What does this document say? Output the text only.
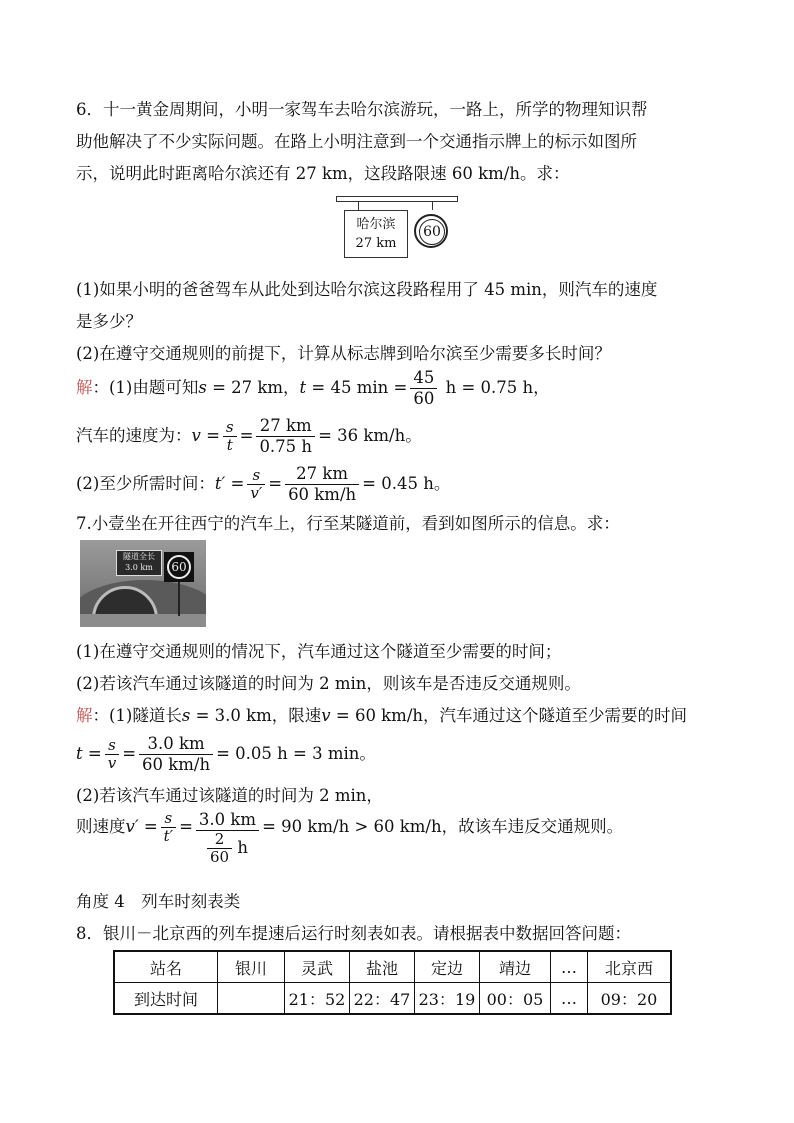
6．十一黄金周期间，小明一家驾车去哈尔滨游玩，一路上，所学的物理知识帮
助他解决了不少实际问题。在路上小明注意到一个交通指示牌上的标示如图所
示，说明此时距离哈尔滨还有 27 km，这段路限速 60 km/h。求：
哈尔滨
27 km
60
(1)如果小明的爸爸驾车从此处到达哈尔滨这段路程用了 45 min，则汽车的速度
是多少？
(2)在遵守交通规则的前提下，计算从标志牌到哈尔滨至少需要多长时间？
解：(1)由题可知s = 27 km，t = 45 $\min = \frac{45}{60}$ h = 0.75 h，
汽车的速度为：$v = \frac{s}{t} = \frac{27 km}{0.75 h} = 36$ km/h。
(2)至少所需时间：$t' = \frac{s}{v'} = \frac{27 km}{60 km/h} = 0.45$ h。
7.小壹坐在开往西宁的汽车上，行至某隧道前，看到如图所示的信息。求：
隧道全长
3.0 km	60
(1)在遵守交通规则的情况下，汽车通过这个隧道至少需要的时间；
(2)若该汽车通过该隧道的时间为 2 min，则该车是否违反交通规则。
解：(1)隧道长s = 3.0 km，限速v = 60 km/h，汽车通过这个隧道至少需要的时间
$t = \frac{s}{v} = \frac{3.0 km}{60 km/h} = 0.05$ h = 3 min。
(2)若该汽车通过该隧道的时间为 2 min，
则速度$v' = \frac{s}{t'} = \frac{3.0 km}{\frac{2}{60} h} = 90$ km/h > 60 km/h，故该车违反交通规则。
角度 4　列车时刻表类
8．银川－北京西的列车提速后运行时刻表如表。请根据表中数据回答问题：
站名	银川	灵武	盐池	定边	靖边	…	北京西
到达时间		21：52	22：47	23：19	00：05	…	09：20
